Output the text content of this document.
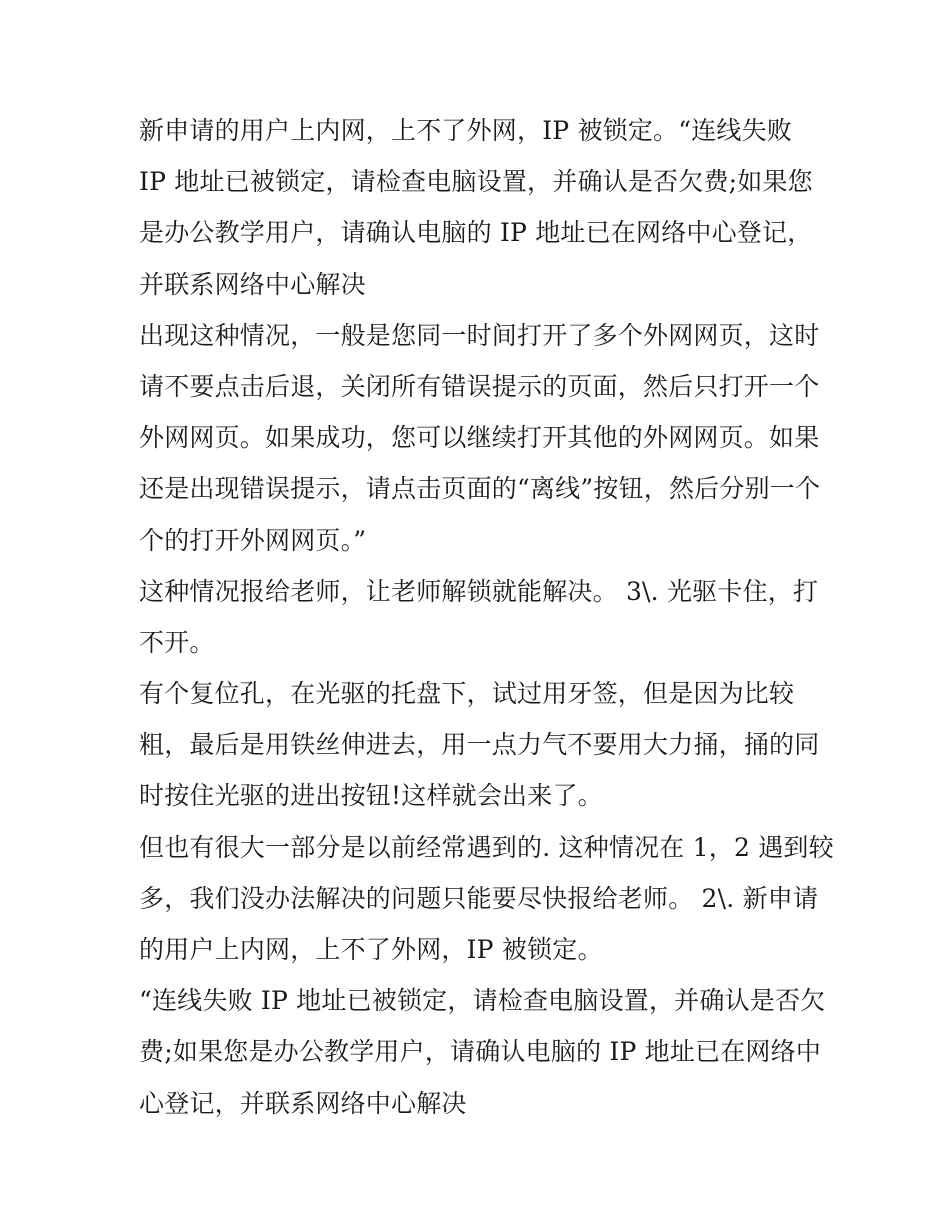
新申请的用户上内网，上不了外网，IP 被锁定。“连线失败
IP 地址已被锁定，请检查电脑设置，并确认是否欠费;如果您
是办公教学用户，请确认电脑的 IP 地址已在网络中心登记，
并联系网络中心解决
出现这种情况，一般是您同一时间打开了多个外网网页，这时
请不要点击后退，关闭所有错误提示的页面，然后只打开一个
外网网页。如果成功，您可以继续打开其他的外网网页。如果
还是出现错误提示，请点击页面的“离线”按钮，然后分别一个
个的打开外网网页。”
这种情况报给老师，让老师解锁就能解决。 3\. 光驱卡住，打
不开。
有个复位孔，在光驱的托盘下，试过用牙签，但是因为比较
粗，最后是用铁丝伸进去，用一点力气不要用大力捅，捅的同
时按住光驱的进出按钮!这样就会出来了。
但也有很大一部分是以前经常遇到的. 这种情况在 1，2 遇到较
多，我们没办法解决的问题只能要尽快报给老师。 2\. 新申请
的用户上内网，上不了外网，IP 被锁定。
“连线失败 IP 地址已被锁定，请检查电脑设置，并确认是否欠
费;如果您是办公教学用户，请确认电脑的 IP 地址已在网络中
心登记，并联系网络中心解决
